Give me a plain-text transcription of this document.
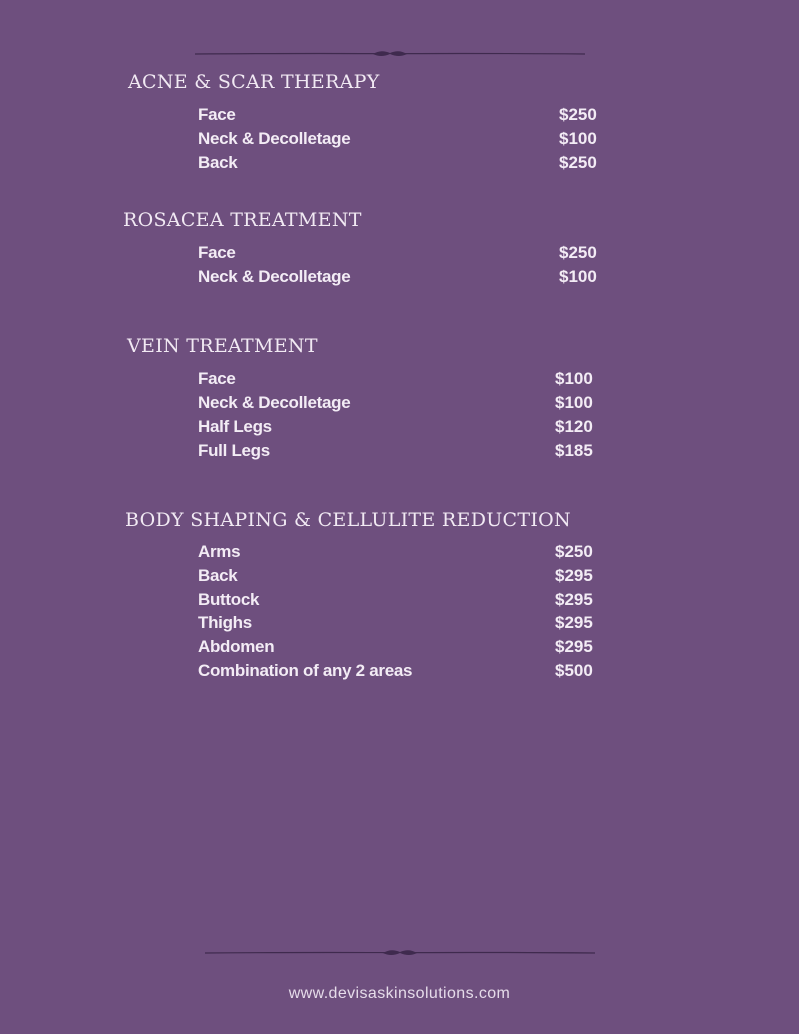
ACNE & SCAR THERAPY
Face	$250
Neck & Decolletage	$100
Back	$250
ROSACEA TREATMENT
Face	$250
Neck & Decolletage	$100
VEIN TREATMENT
Face	$100
Neck & Decolletage	$100
Half Legs	$120
Full Legs	$185
BODY SHAPING & CELLULITE REDUCTION
Arms	$250
Back	$295
Buttock	$295
Thighs	$295
Abdomen	$295
Combination of any 2 areas	$500
www.devisaskinsolutions.com
